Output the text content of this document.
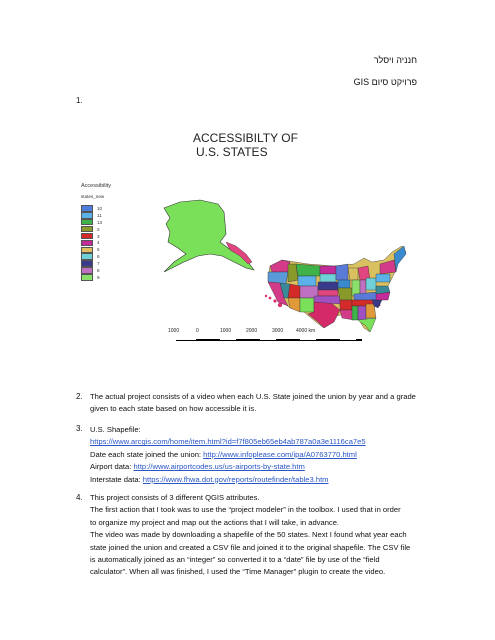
חנניה ויסלר
פרויקט סיום GIS
1.
ACCESSIBILTY OF
U.S. STATES
Accessibility
states_new
10
11
13
2
3
4
5
6
7
8
9
1000	0	1000	2000	3000	4000 km
2. The actual project consists of a video when each U.S. State joined the union by year and a grade
given to each state based on how accessible it is.
3. U.S. Shapefile:
https://www.arcgis.com/home/item.html?id=f7f805eb65eb4ab787a0a3e1116ca7e5
Date each state joined the union: http://www.infoplease.com/ipa/A0763770.html
Airport data: http://www.airportcodes.us/us-airports-by-state.htm
Interstate data: https://www.fhwa.dot.gov/reports/routefinder/table3.htm
4. This project consists of 3 different QGIS attributes.
The first action that I took was to use the “project modeler” in the toolbox. I used that in order
to organize my project and map out the actions that I will take, in advance.
The video was made by downloading a shapefile of the 50 states. Next I found what year each
state joined the union and created a CSV file and joined it to the original shapefile. The CSV file
is automatically joined as an “integer” so converted it to a “date” file by use of the “field
calculator”. When all was finished, I used the “Time Manager” plugin to create the video.
